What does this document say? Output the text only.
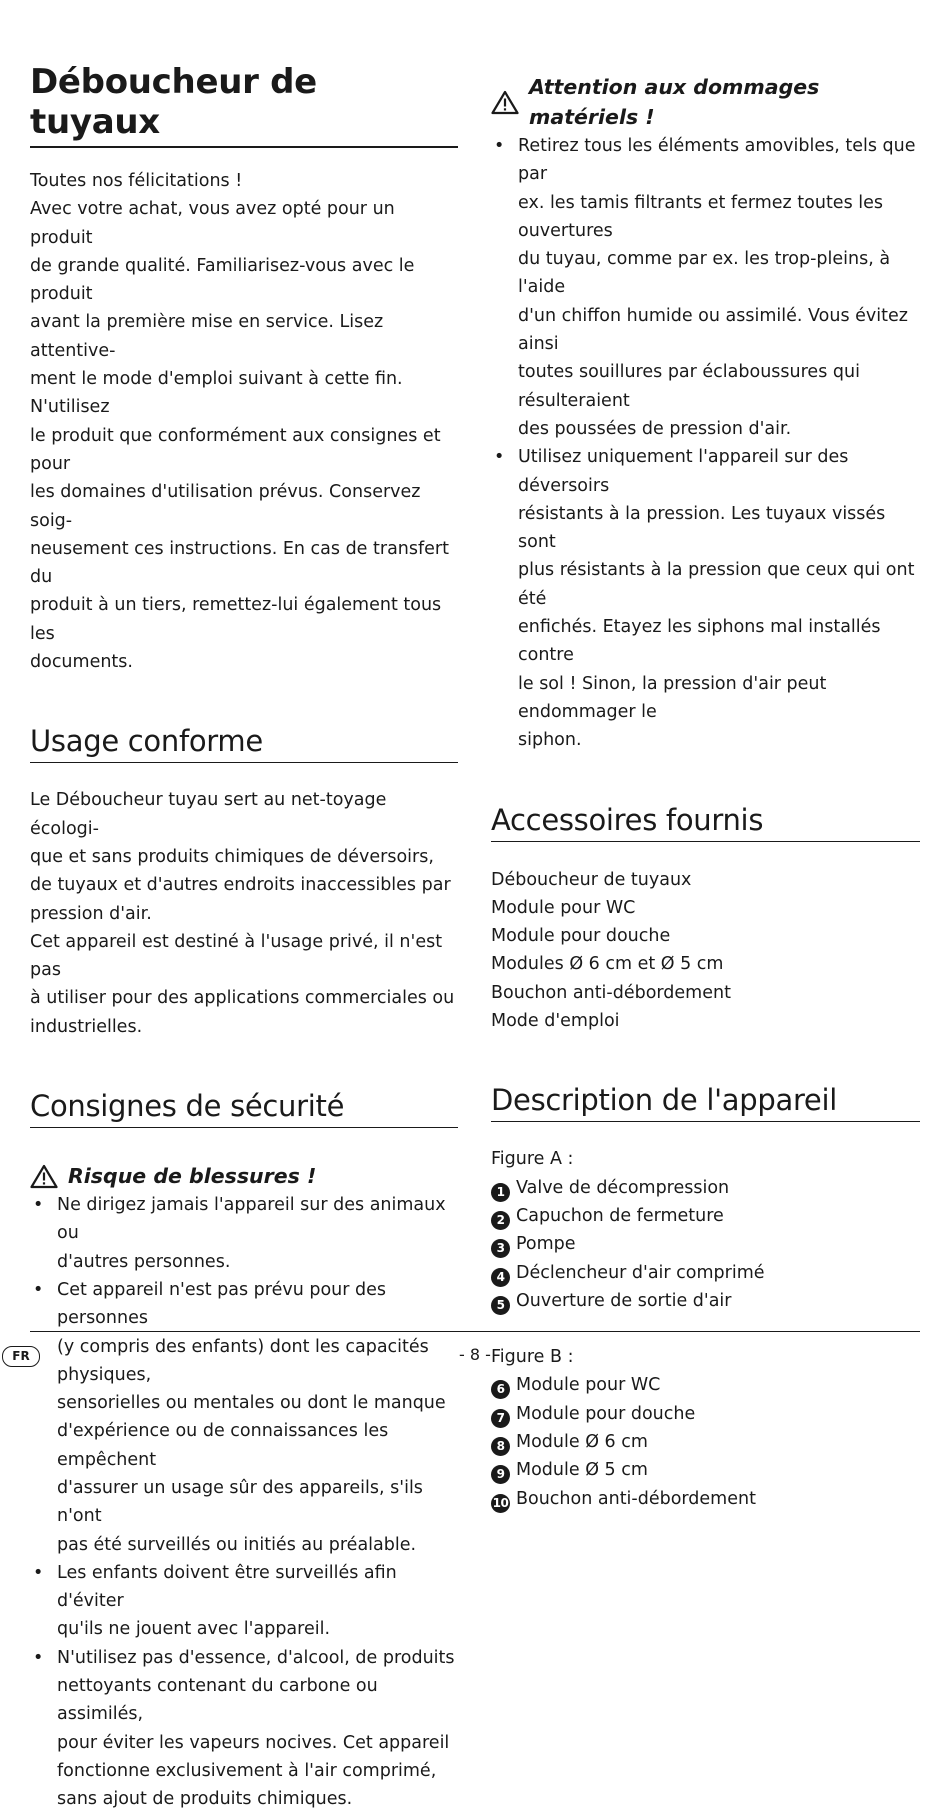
Déboucheur de tuyaux
Toutes nos félicitations !
Avec votre achat, vous avez opté pour un produit
de grande qualité. Familiarisez-vous avec le produit
avant la première mise en service. Lisez attentive-
ment le mode d'emploi suivant à cette fin. N'utilisez
le produit que conformément aux consignes et pour
les domaines d'utilisation prévus. Conservez soig-
neusement ces instructions. En cas de transfert du
produit à un tiers, remettez-lui également tous les
documents.
Usage conforme
Le Déboucheur tuyau sert au net-toyage écologi-
que et sans produits chimiques de déversoirs,
de tuyaux et d'autres endroits inaccessibles par
pression d'air.
Cet appareil est destiné à l'usage privé, il n'est pas
à utiliser pour des applications commerciales ou
industrielles.
Consignes de sécurité
Risque de blessures !
• Ne dirigez jamais l'appareil sur des animaux ou
d'autres personnes.
• Cet appareil n'est pas prévu pour des personnes
(y compris des enfants) dont les capacités physiques,
sensorielles ou mentales ou dont le manque
d'expérience ou de connaissances les empêchent
d'assurer un usage sûr des appareils, s'ils n'ont
pas été surveillés ou initiés au préalable.
• Les enfants doivent être surveillés afin d'éviter
qu'ils ne jouent avec l'appareil.
• N'utilisez pas d'essence, d'alcool, de produits
nettoyants contenant du carbone ou assimilés,
pour éviter les vapeurs nocives. Cet appareil
fonctionne exclusivement à l'air comprimé,
sans ajout de produits chimiques.
Attention aux dommages matériels !
• Retirez tous les éléments amovibles, tels que par
ex. les tamis filtrants et fermez toutes les ouvertures
du tuyau, comme par ex. les trop-pleins, à l'aide
d'un chiffon humide ou assimilé. Vous évitez ainsi
toutes souillures par éclaboussures qui résulteraient
des poussées de pression d'air.
• Utilisez uniquement l'appareil sur des déversoirs
résistants à la pression. Les tuyaux vissés sont
plus résistants à la pression que ceux qui ont été
enfichés. Etayez les siphons mal installés contre
le sol ! Sinon, la pression d'air peut endommager le
siphon.
Accessoires fournis
Déboucheur de tuyaux
Module pour WC
Module pour douche
Modules Ø 6 cm et Ø 5 cm
Bouchon anti-débordement
Mode d'emploi
Description de l'appareil
Figure A :
1 Valve de décompression
2 Capuchon de fermeture
3 Pompe
4 Déclencheur d'air comprimé
5 Ouverture de sortie d'air
Figure B :
6 Module pour WC
7 Module pour douche
8 Module Ø 6 cm
9 Module Ø 5 cm
10 Bouchon anti-débordement
FR	- 8 -
